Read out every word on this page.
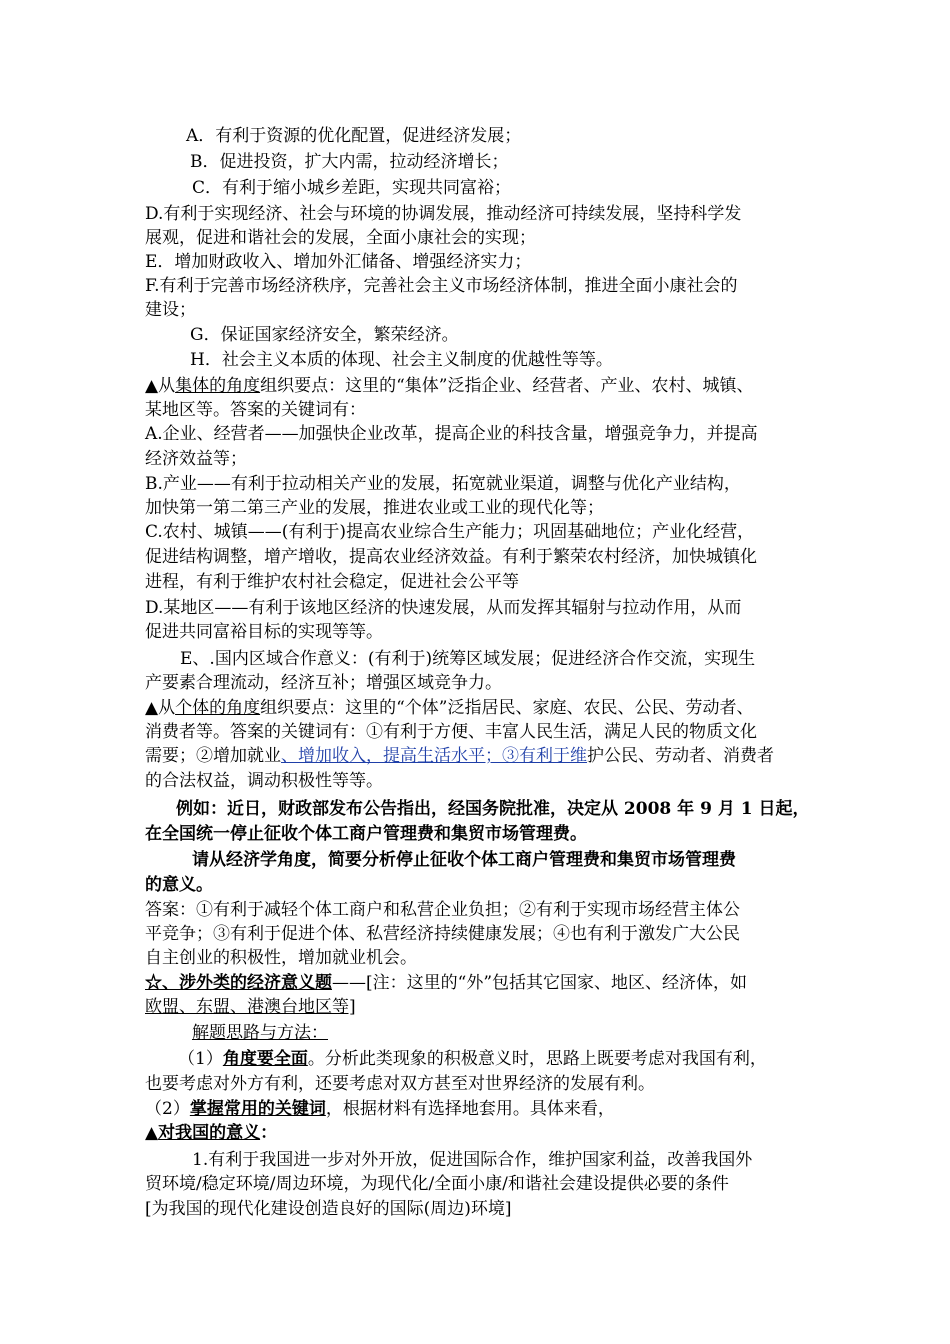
A．有利于资源的优化配置，促进经济发展；
B．促进投资，扩大内需，拉动经济增长；
C．有利于缩小城乡差距，实现共同富裕；
D.有利于实现经济、社会与环境的协调发展，推动经济可持续发展，坚持科学发
展观，促进和谐社会的发展，全面小康社会的实现；
E．增加财政收入、增加外汇储备、增强经济实力；
F.有利于完善市场经济秩序，完善社会主义市场经济体制，推进全面小康社会的
建设；
G．保证国家经济安全，繁荣经济。
H．社会主义本质的体现、社会主义制度的优越性等等。
▲从集体的角度组织要点：这里的“集体”泛指企业、经营者、产业、农村、城镇、
某地区等。答案的关键词有：
A.企业、经营者——加强快企业改革，提高企业的科技含量，增强竞争力，并提高
经济效益等；
B.产业——有利于拉动相关产业的发展，拓宽就业渠道，调整与优化产业结构，
加快第一第二第三产业的发展，推进农业或工业的现代化等；
C.农村、城镇——(有利于)提高农业综合生产能力；巩固基础地位；产业化经营，
促进结构调整，增产增收，提高农业经济效益。有利于繁荣农村经济，加快城镇化
进程，有利于维护农村社会稳定，促进社会公平等
D.某地区——有利于该地区经济的快速发展，从而发挥其辐射与拉动作用，从而
促进共同富裕目标的实现等等。
E、.国内区域合作意义：(有利于)统筹区域发展；促进经济合作交流，实现生
产要素合理流动，经济互补；增强区域竞争力。
▲从个体的角度组织要点：这里的“个体”泛指居民、家庭、农民、公民、劳动者、
消费者等。答案的关键词有：①有利于方便、丰富人民生活，满足人民的物质文化
需要；②增加就业、增加收入，提高生活水平；③有利于维护公民、劳动者、消费者
的合法权益，调动积极性等等。
例如：近日，财政部发布公告指出，经国务院批准，决定从 2008 年 9 月 1 日起，
在全国统一停止征收个体工商户管理费和集贸市场管理费。
请从经济学角度，简要分析停止征收个体工商户管理费和集贸市场管理费
的意义。
答案：①有利于减轻个体工商户和私营企业负担；②有利于实现市场经营主体公
平竞争；③有利于促进个体、私营经济持续健康发展；④也有利于激发广大公民
自主创业的积极性，增加就业机会。
☆、涉外类的经济意义题——[注：这里的“外”包括其它国家、地区、经济体，如
欧盟、东盟、港澳台地区等]
解题思路与方法：
（1）角度要全面。分析此类现象的积极意义时，思路上既要考虑对我国有利，
也要考虑对外方有利，还要考虑对双方甚至对世界经济的发展有利。
（2）掌握常用的关键词，根据材料有选择地套用。具体来看，
▲对我国的意义：
1.有利于我国进一步对外开放，促进国际合作，维护国家利益，改善我国外
贸环境/稳定环境/周边环境，为现代化/全面小康/和谐社会建设提供必要的条件
[为我国的现代化建设创造良好的国际(周边)环境]
